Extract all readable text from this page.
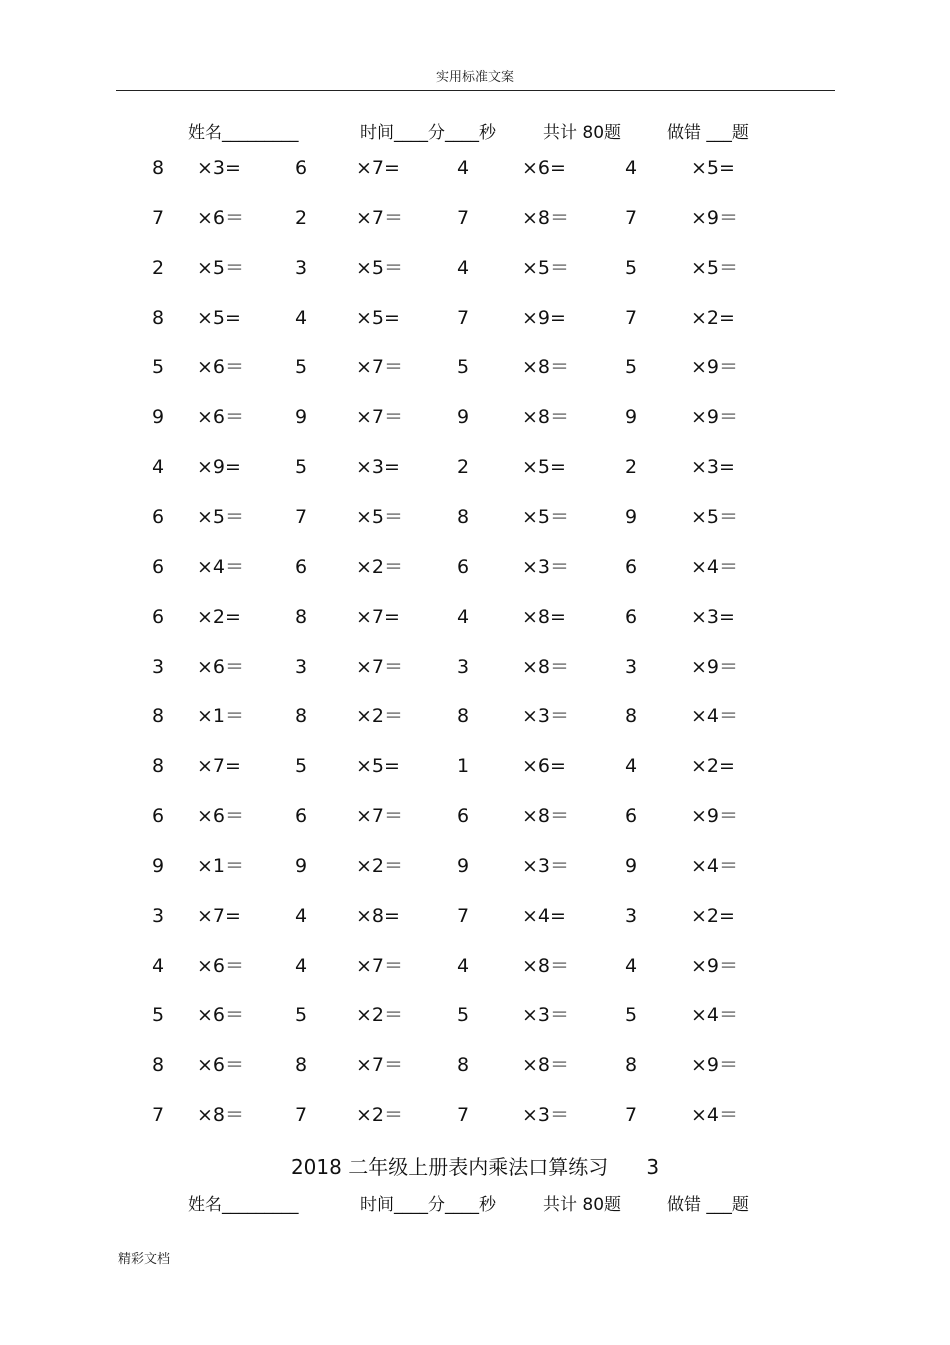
实用标准文案
姓名_________	时间____分____秒	共计 80题	做错 ___题
8 ×3=	6	×7=	4	×6=	4	×5=
7 ×6＝	2	×7＝	7	×8＝	7	×9＝
2 ×5＝	3	×5＝	4	×5＝	5	×5＝
8 ×5=	4	×5=	7	×9=	7	×2=
5 ×6＝	5	×7＝	5	×8＝	5	×9＝
9 ×6＝	9	×7＝	9	×8＝	9	×9＝
4 ×9=	5	×3=	2	×5=	2	×3=
6 ×5＝	7	×5＝	8	×5＝	9	×5＝
6 ×4＝	6	×2＝	6	×3＝	6	×4＝
6 ×2=	8	×7=	4	×8=	6	×3=
3 ×6＝	3	×7＝	3	×8＝	3	×9＝
8 ×1＝	8	×2＝	8	×3＝	8	×4＝
8 ×7=	5	×5=	1	×6=	4	×2=
6 ×6＝	6	×7＝	6	×8＝	6	×9＝
9 ×1＝	9	×2＝	9	×3＝	9	×4＝
3 ×7=	4	×8=	7	×4=	3	×2=
4 ×6＝	4	×7＝	4	×8＝	4	×9＝
5 ×6＝	5	×2＝	5	×3＝	5	×4＝
8 ×6＝	8	×7＝	8	×8＝	8	×9＝
7 ×8＝	7	×2＝	7	×3＝	7	×4＝
2018 二年级上册表内乘法口算练习      3
姓名_________	时间____分____秒	共计 80题	做错 ___题
精彩文档
